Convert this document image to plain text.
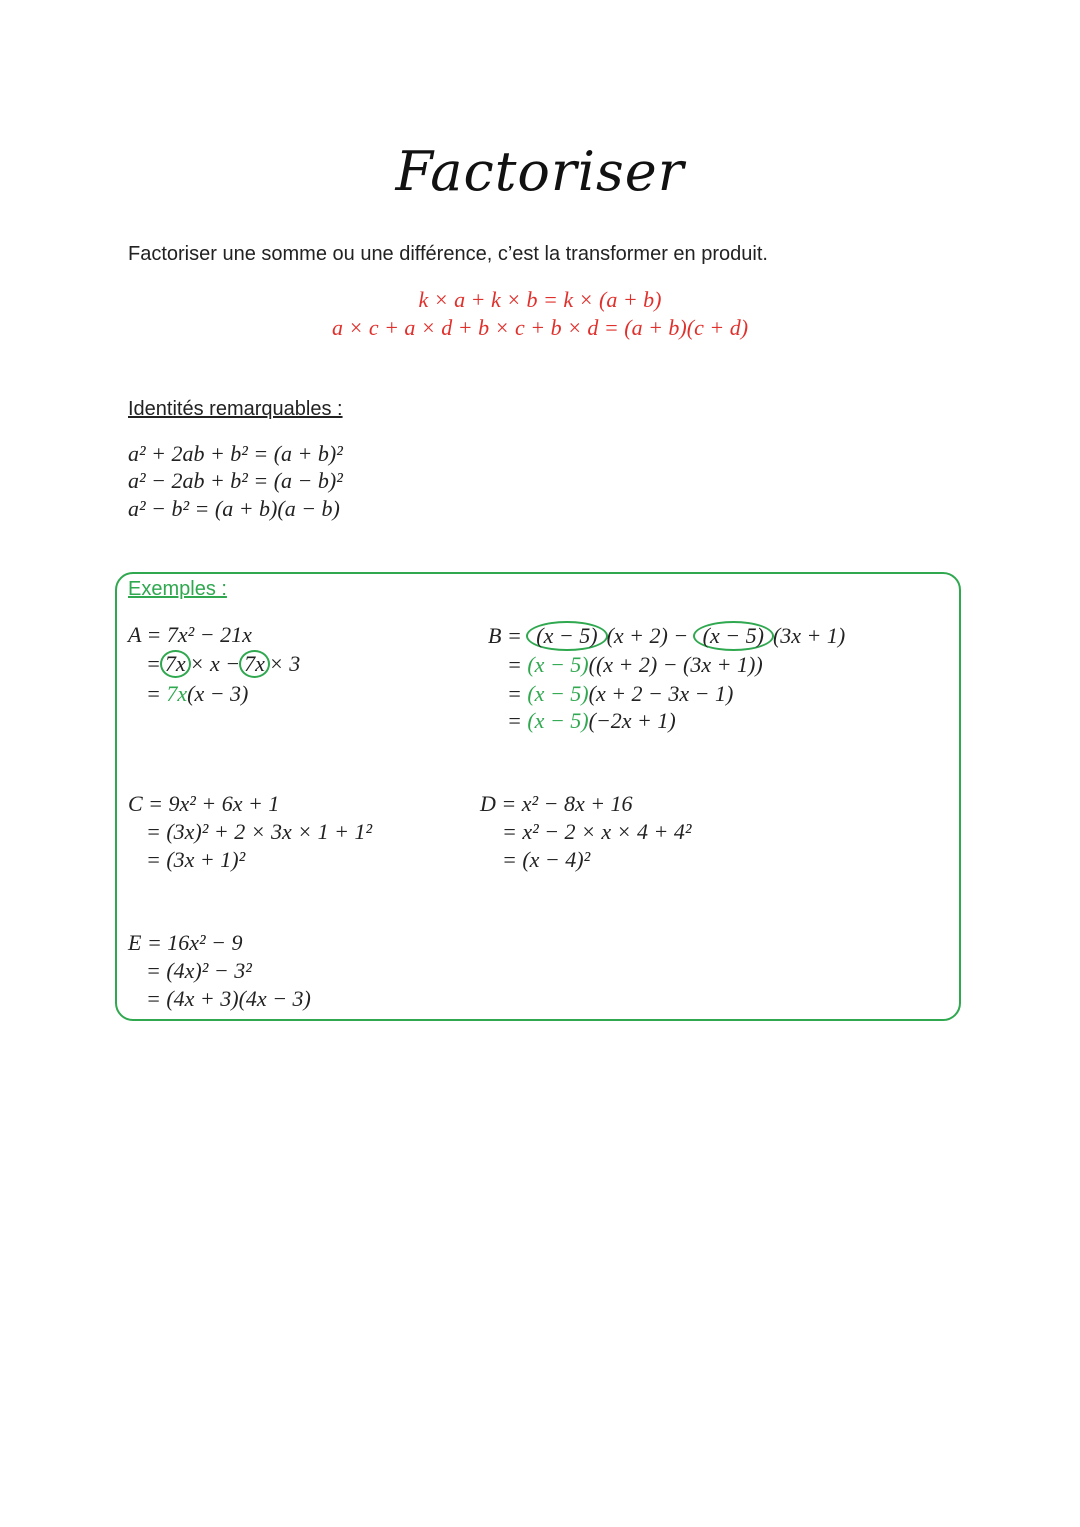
Factoriser
Factoriser une somme ou une différence, c’est la transformer en produit.
k × a + k × b = k × (a + b)
a × c + a × d + b × c + b × d = (a + b)(c + d)
Identités remarquables :
a² + 2ab + b² = (a + b)²
a² − 2ab + b² = (a − b)²
a² − b² = (a + b)(a − b)
Exemples :
A = 7x² − 21x
= 7x × x − 7x × 3
= 7x(x − 3)
B = (x − 5) (x + 2) − (x − 5) (3x + 1)
= (x − 5)((x + 2) − (3x + 1))
= (x − 5)(x + 2 − 3x − 1)
= (x − 5)(−2x + 1)
C = 9x² + 6x + 1
= (3x)² + 2 × 3x × 1 + 1²
= (3x + 1)²
D = x² − 8x + 16
= x² − 2 × x × 4 + 4²
= (x − 4)²
E = 16x² − 9
= (4x)² − 3²
= (4x + 3)(4x − 3)
